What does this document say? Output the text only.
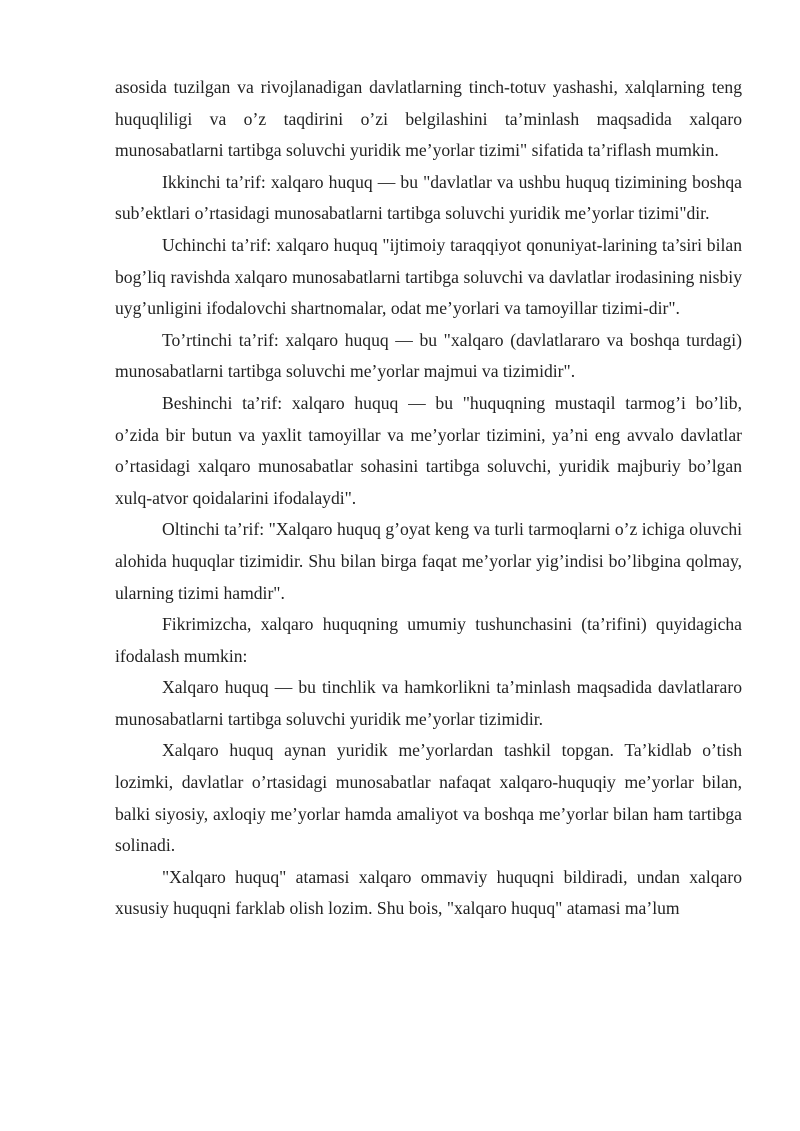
asosida tuzilgan va rivojlanadigan davlatlarning tinch-totuv yashashi, xalqlarning teng huquqliligi va o’z taqdirini o’zi belgilashini ta’minlash maqsadida xalqaro munosabatlarni tartibga soluvchi yuridik me’yorlar tizimi" sifatida ta’riflash mumkin.

Ikkinchi ta’rif: xalqaro huquq — bu "davlatlar va ushbu huquq tizimining boshqa sub’ektlari o’rtasidagi munosabatlarni tartibga soluvchi yuridik me’yorlar tizimi"dir.

Uchinchi ta’rif: xalqaro huquq "ijtimoiy taraqqiyot qonuniyat-larining ta’siri bilan bog’liq ravishda xalqaro munosabatlarni tartibga soluvchi va davlatlar irodasining nisbiy uyg’unligini ifodalovchi shartnomalar, odat me’yorlari va tamoyillar tizimi-dir".

To’rtinchi ta’rif: xalqaro huquq — bu "xalqaro (davlatlararo va boshqa turdagi) munosabatlarni tartibga soluvchi me’yorlar majmui va tizimidir".

Beshinchi ta’rif: xalqaro huquq — bu "huquqning mustaqil tarmog’i bo’lib, o’zida bir butun va yaxlit tamoyillar va me’yorlar tizimini, ya’ni eng avvalo davlatlar o’rtasidagi xalqaro munosabatlar sohasini tartibga soluvchi, yuridik majburiy bo’lgan xulq-atvor qoidalarini ifodalaydi".

Oltinchi ta’rif: "Xalqaro huquq g’oyat keng va turli tarmoqlarni o’z ichiga oluvchi alohida huquqlar tizimidir. Shu bilan birga faqat me’yorlar yig’indisi bo’libgina qolmay, ularning tizimi hamdir".

Fikrimizcha, xalqaro huquqning umumiy tushunchasini (ta’rifini) quyidagicha ifodalash mumkin:

Xalqaro huquq — bu tinchlik va hamkorlikni ta’minlash maqsadida davlatlararo munosabatlarni tartibga soluvchi yuridik me’yorlar tizimidir.

Xalqaro huquq aynan yuridik me’yorlardan tashkil topgan. Ta’kidlab o’tish lozimki, davlatlar o’rtasidagi munosabatlar nafaqat xalqaro-huquqiy me’yorlar bilan, balki siyosiy, axloqiy me’yorlar hamda amaliyot va boshqa me’yorlar bilan ham tartibga solinadi.

"Xalqaro huquq" atamasi xalqaro ommaviy huquqni bildiradi, undan xalqaro xususiy huquqni farklab olish lozim. Shu bois, "xalqaro huquq" atamasi ma’lum
